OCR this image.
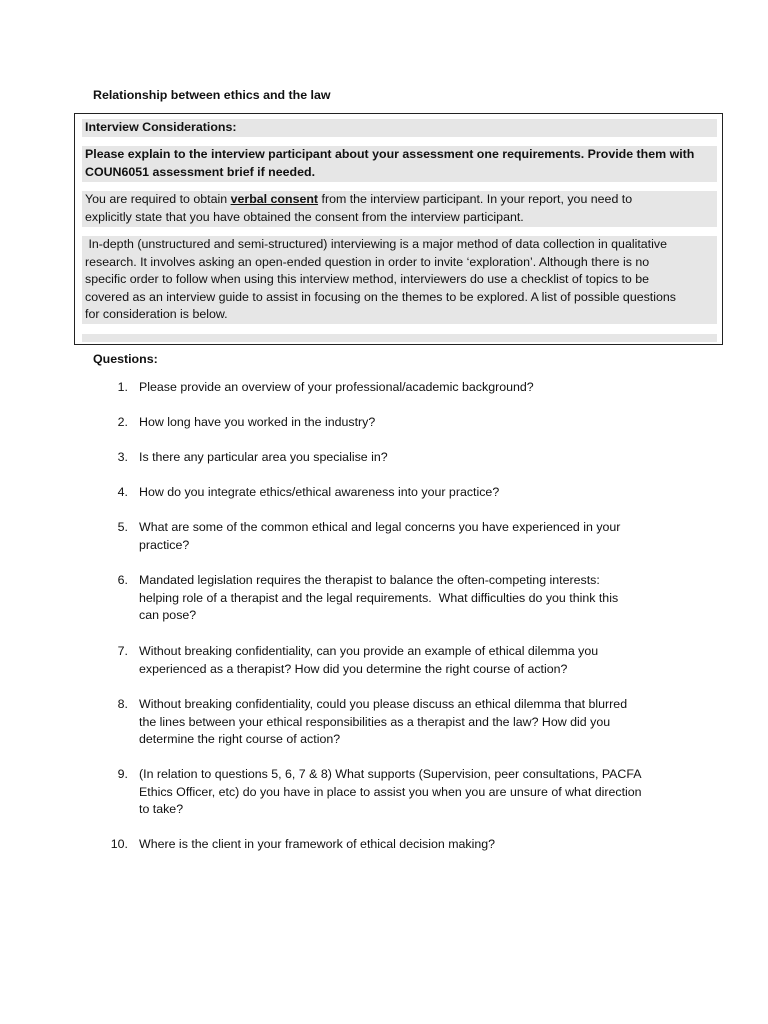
Relationship between ethics and the law
Interview Considerations:
Please explain to the interview participant about your assessment one requirements. Provide them with
COUN6051 assessment brief if needed.
You are required to obtain verbal consent from the interview participant. In your report, you need to
explicitly state that you have obtained the consent from the interview participant.
In-depth (unstructured and semi-structured) interviewing is a major method of data collection in qualitative
research. It involves asking an open-ended question in order to invite ‘exploration’. Although there is no
specific order to follow when using this interview method, interviewers do use a checklist of topics to be
covered as an interview guide to assist in focusing on the themes to be explored. A list of possible questions
for consideration is below.
Questions:
1. Please provide an overview of your professional/academic background?
2. How long have you worked in the industry?
3. Is there any particular area you specialise in?
4. How do you integrate ethics/ethical awareness into your practice?
5. What are some of the common ethical and legal concerns you have experienced in your
practice?
6. Mandated legislation requires the therapist to balance the often-competing interests:
helping role of a therapist and the legal requirements.  What difficulties do you think this
can pose?
7. Without breaking confidentiality, can you provide an example of ethical dilemma you
experienced as a therapist? How did you determine the right course of action?
8. Without breaking confidentiality, could you please discuss an ethical dilemma that blurred
the lines between your ethical responsibilities as a therapist and the law? How did you
determine the right course of action?
9. (In relation to questions 5, 6, 7 & 8) What supports (Supervision, peer consultations, PACFA
Ethics Officer, etc) do you have in place to assist you when you are unsure of what direction
to take?
10. Where is the client in your framework of ethical decision making?
